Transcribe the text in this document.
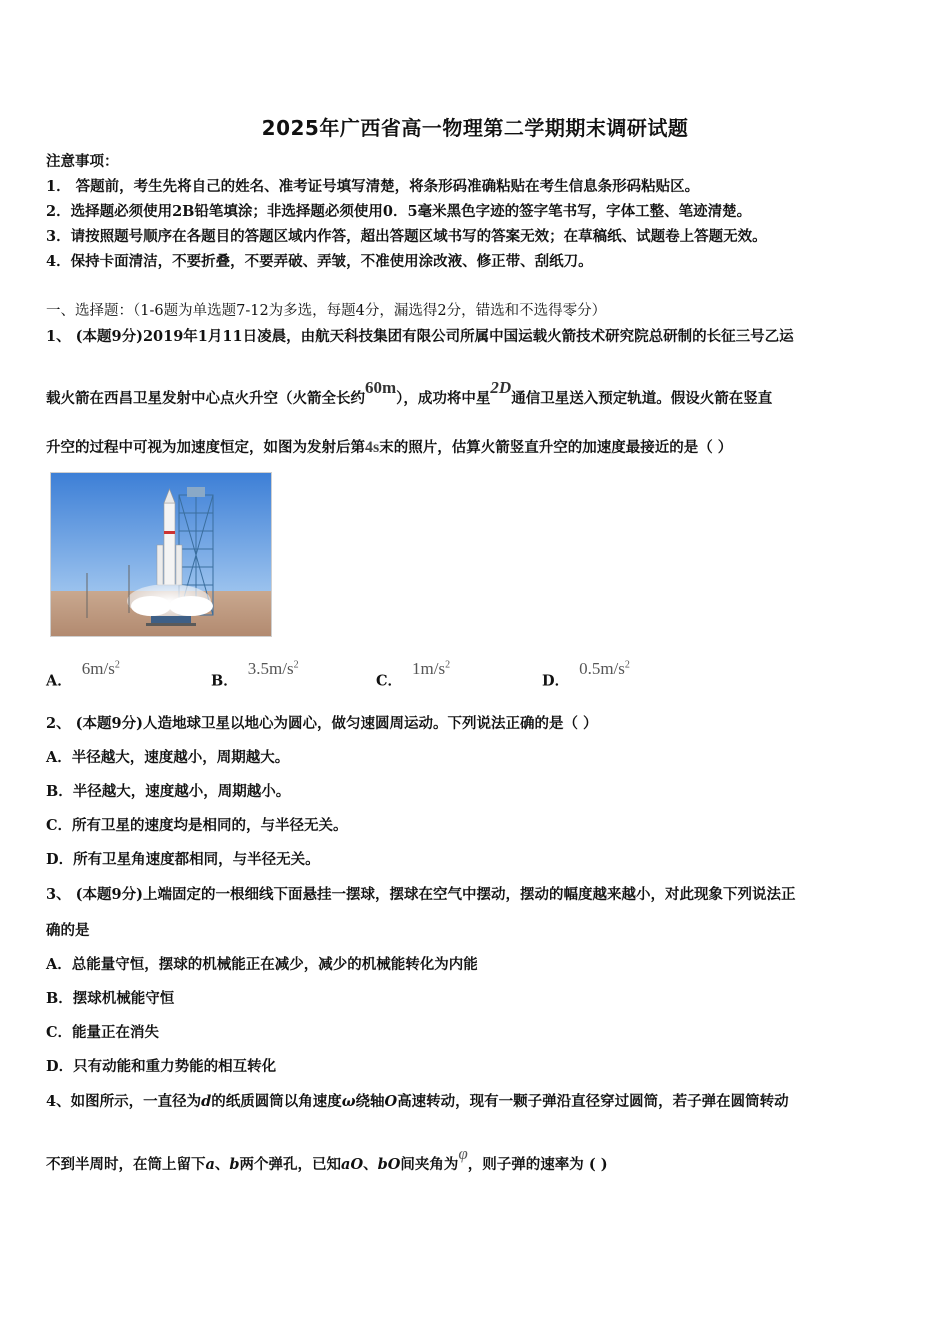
2025年广西省高一物理第二学期期末调研试题
注意事项：
1． 答题前，考生先将自己的姓名、准考证号填写清楚，将条形码准确粘贴在考生信息条形码粘贴区。
2．选择题必须使用2B铅笔填涂；非选择题必须使用0．5毫米黑色字迹的签字笔书写，字体工整、笔迹清楚。
3．请按照题号顺序在各题目的答题区域内作答，超出答题区域书写的答案无效；在草稿纸、试题卷上答题无效。
4．保持卡面清洁，不要折叠，不要弄破、弄皱，不准使用涂改液、修正带、刮纸刀。
一、选择题：（1-6题为单选题7-12为多选，每题4分，漏选得2分，错选和不选得零分）
1、 (本题9分)2019年1月11日凌晨，由航天科技集团有限公司所属中国运载火箭技术研究院总研制的长征三号乙运
载火箭在西昌卫星发射中心点火升空（火箭全长约60m），成功将中星2D通信卫星送入预定轨道。假设火箭在竖直
升空的过程中可视为加速度恒定，如图为发射后第4s末的照片，估算火箭竖直升空的加速度最接近的是（ ）
A．$6m/s^2$
B．$3.5m/s^2$
C．$1m/s^2$
D．$0.5m/s^2$
2、 (本题9分)人造地球卫星以地心为圆心，做匀速圆周运动。下列说法正确的是（ ）
A．半径越大，速度越小，周期越大。
B．半径越大，速度越小，周期越小。
C．所有卫星的速度均是相同的，与半径无关。
D．所有卫星角速度都相同，与半径无关。
3、 (本题9分)上端固定的一根细线下面悬挂一摆球，摆球在空气中摆动，摆动的幅度越来越小，对此现象下列说法正
确的是
A．总能量守恒，摆球的机械能正在减少，减少的机械能转化为内能
B．摆球机械能守恒
C．能量正在消失
D．只有动能和重力势能的相互转化
4、如图所示，一直径为d的纸质圆筒以角速度ω绕轴O高速转动，现有一颗子弹沿直径穿过圆筒，若子弹在圆筒转动
不到半周时，在筒上留下a、b两个弹孔，已知aO、bO间夹角为φ，则子弹的速率为 ( )
